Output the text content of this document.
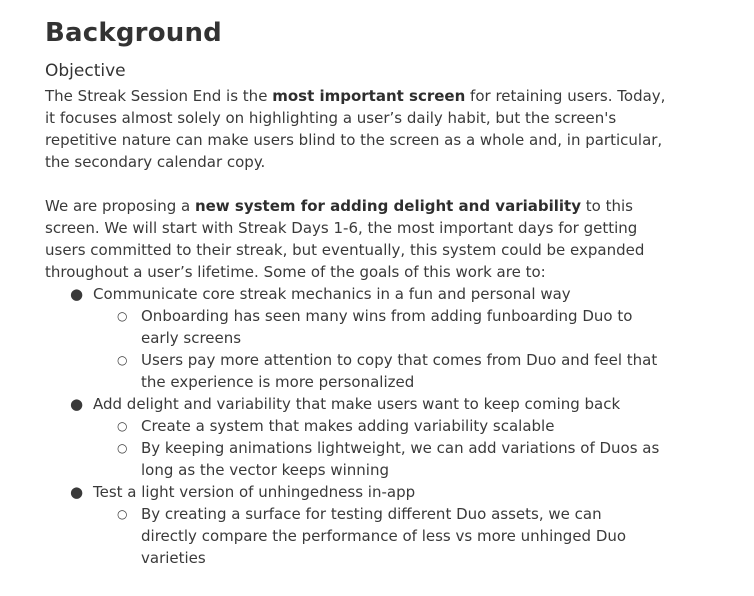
Background
Objective

The Streak Session End is the most important screen for retaining users. Today, it focuses almost solely on highlighting a user’s daily habit, but the screen's repetitive nature can make users blind to the screen as a whole and, in particular, the secondary calendar copy.

We are proposing a new system for adding delight and variability to this screen. We will start with Streak Days 1-6, the most important days for getting users committed to their streak, but eventually, this system could be expanded throughout a user’s lifetime. Some of the goals of this work are to:

● Communicate core streak mechanics in a fun and personal way
○ Onboarding has seen many wins from adding funboarding Duo to early screens
○ Users pay more attention to copy that comes from Duo and feel that the experience is more personalized
● Add delight and variability that make users want to keep coming back
○ Create a system that makes adding variability scalable
○ By keeping animations lightweight, we can add variations of Duos as long as the vector keeps winning
● Test a light version of unhingedness in-app
○ By creating a surface for testing different Duo assets, we can directly compare the performance of less vs more unhinged Duo varieties
